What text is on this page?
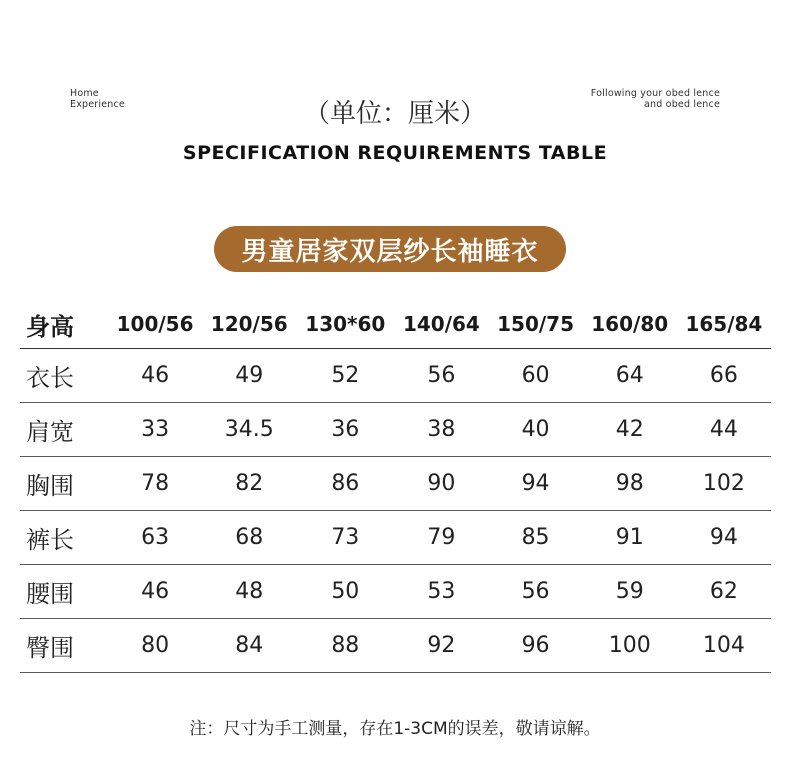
Home
Experience
Following your obed lence
and obed lence
（单位：厘米）
SPECIFICATION REQUIREMENTS TABLE
男童居家双层纱长袖睡衣
身高	100/56	120/56	130*60	140/64	150/75	160/80	165/84
衣长	46	49	52	56	60	64	66
肩宽	33	34.5	36	38	40	42	44
胸围	78	82	86	90	94	98	102
裤长	63	68	73	79	85	91	94
腰围	46	48	50	53	56	59	62
臀围	80	84	88	92	96	100	104
注：尺寸为手工测量，存在1-3CM的误差，敬请谅解。
